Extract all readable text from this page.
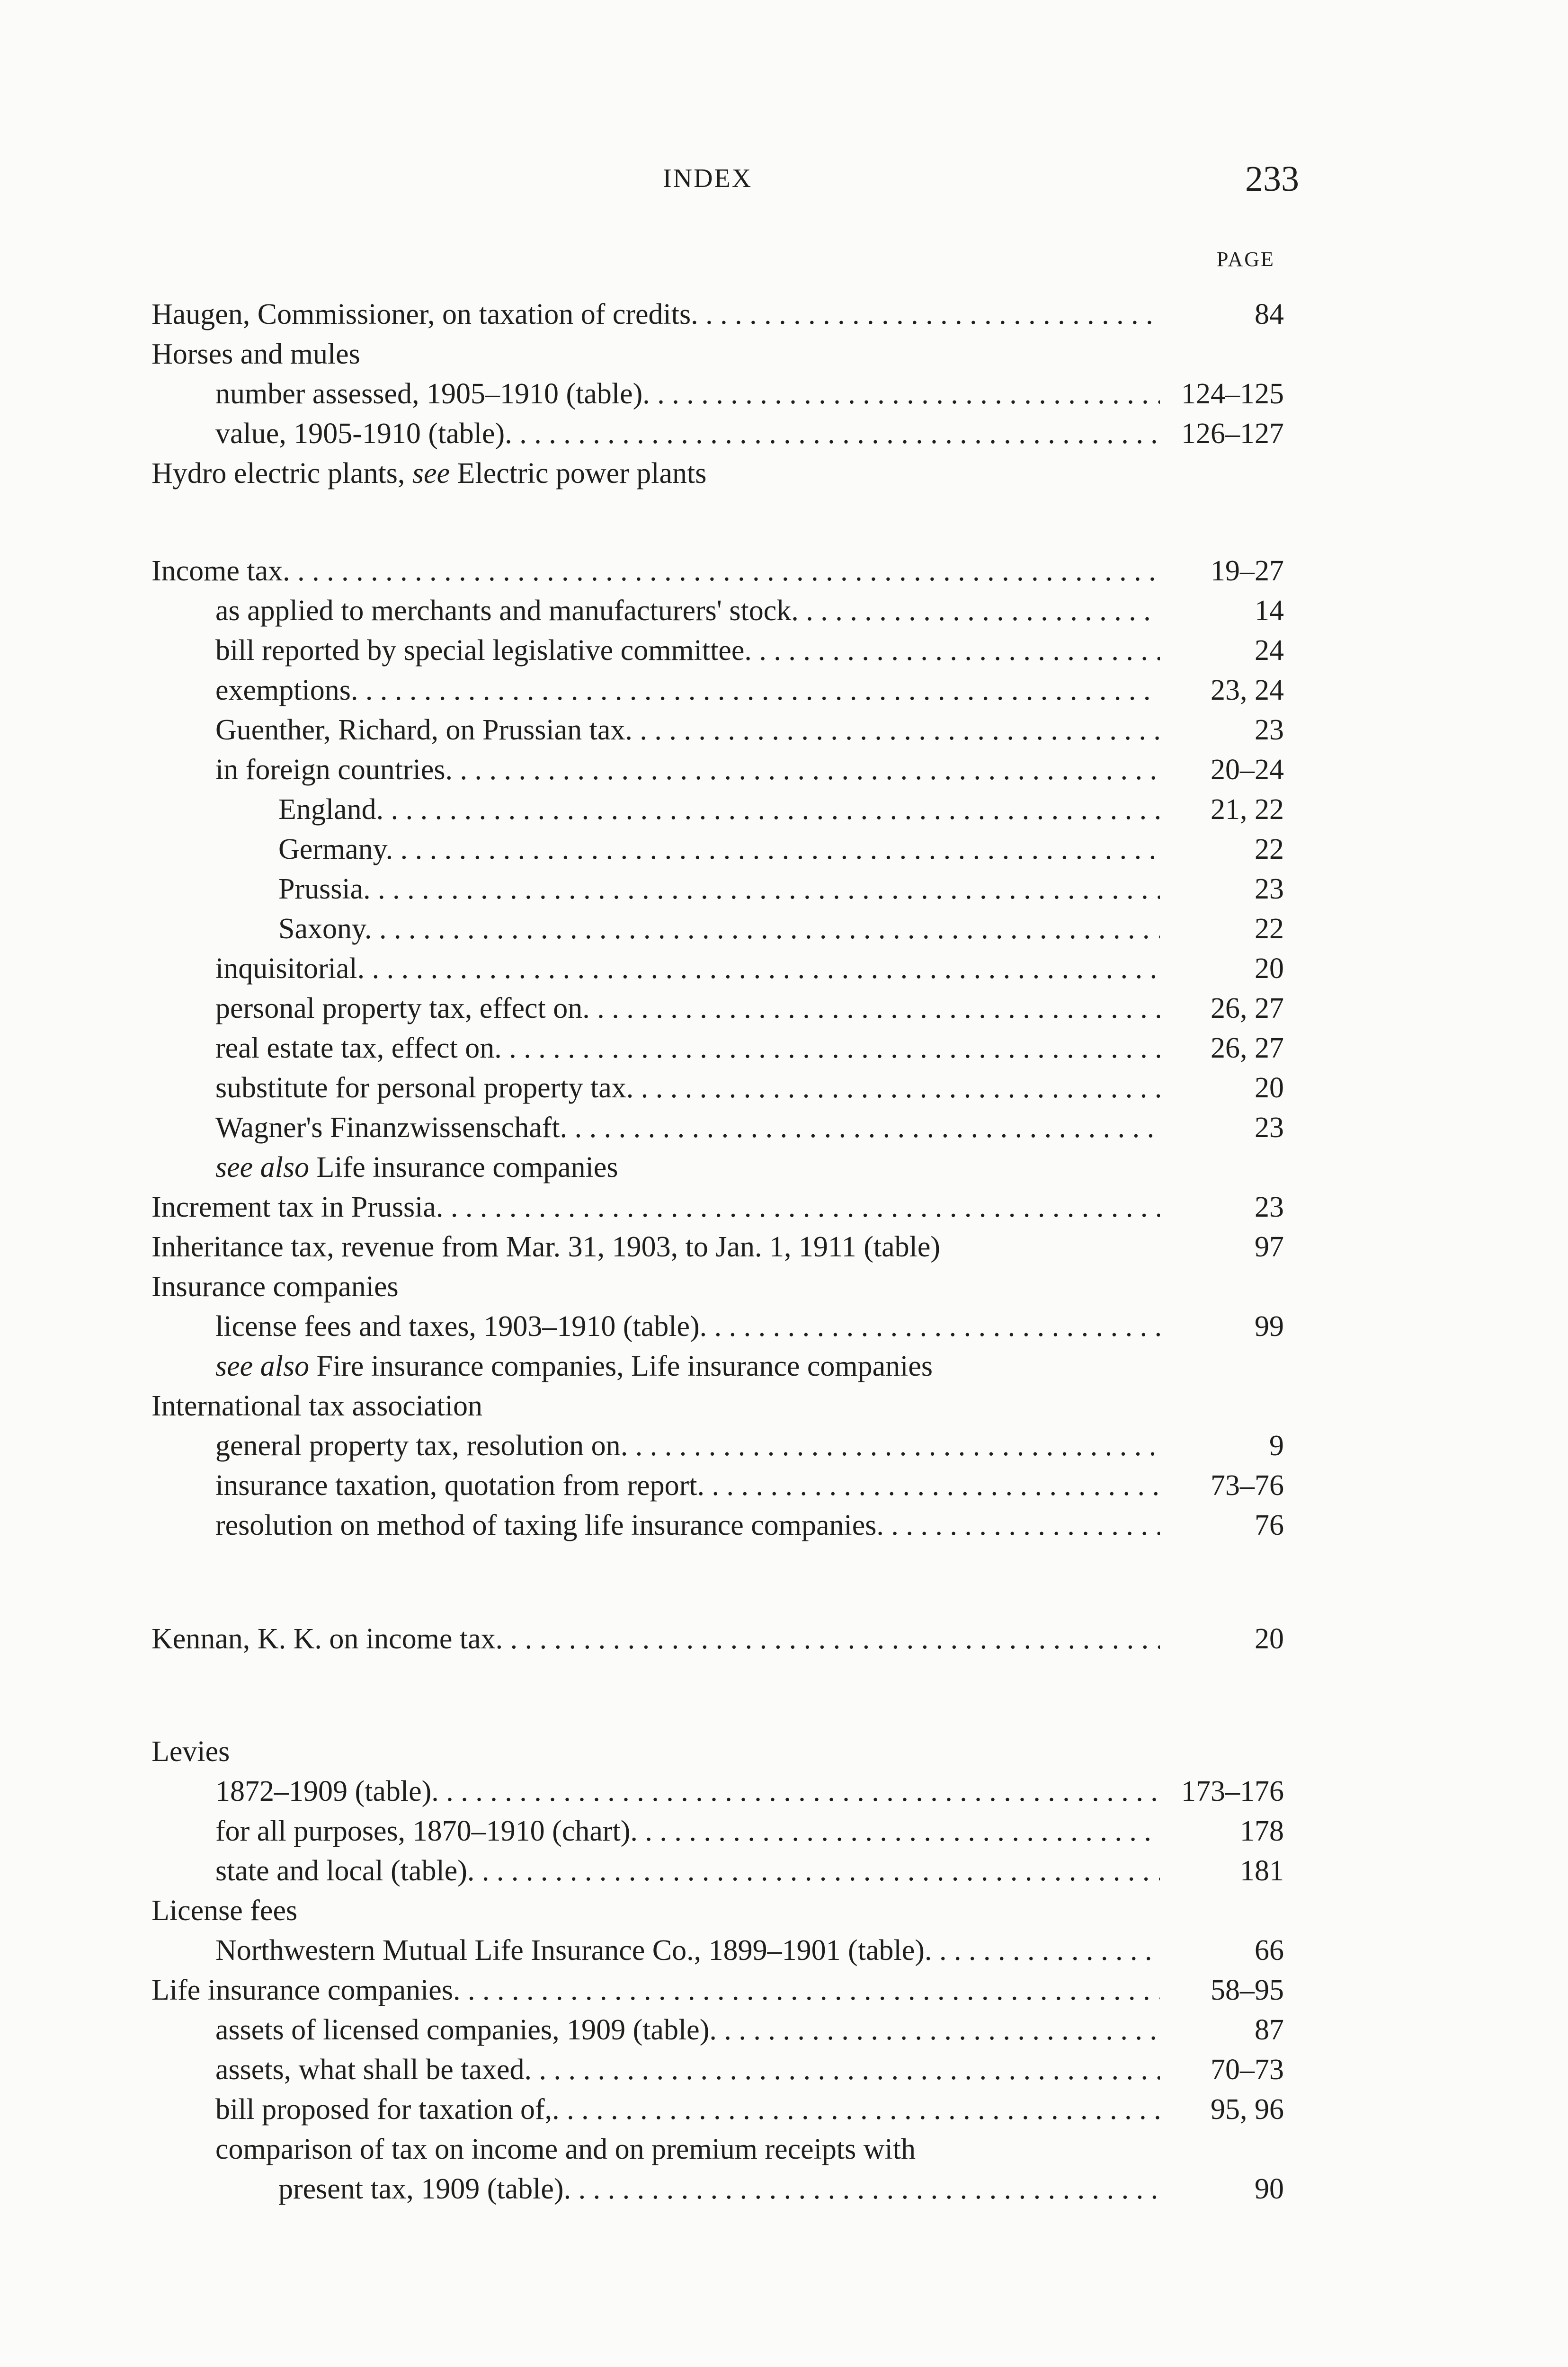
INDEX	233
PAGE
Haugen, Commissioner, on taxation of credits . . .	84
Horses and mules
number assessed, 1905–1910 (table) . . .	124–125
value, 1905-1910 (table) . . .	126–127
Hydro electric plants, see Electric power plants
Income tax . . .	19–27
as applied to merchants and manufacturers' stock . . .	14
bill reported by special legislative committee . . .	24
exemptions . . .	23, 24
Guenther, Richard, on Prussian tax . . .	23
in foreign countries . . .	20–24
England . . .	21, 22
Germany . . .	22
Prussia . . .	23
Saxony . . .	22
inquisitorial . . .	20
personal property tax, effect on . . .	26, 27
real estate tax, effect on . . .	26, 27
substitute for personal property tax . . .	20
Wagner's Finanzwissenschaft . . .	23
see also Life insurance companies
Increment tax in Prussia . . .	23
Inheritance tax, revenue from Mar. 31, 1903, to Jan. 1, 1911 (table)	97
Insurance companies
license fees and taxes, 1903–1910 (table) . . .	99
see also Fire insurance companies, Life insurance companies
International tax association
general property tax, resolution on . . .	9
insurance taxation, quotation from report . . .	73–76
resolution on method of taxing life insurance companies . . .	76
Kennan, K. K. on income tax . . .	20
Levies
1872–1909 (table) . . .	173–176
for all purposes, 1870–1910 (chart) . . .	178
state and local (table) . . .	181
License fees
Northwestern Mutual Life Insurance Co., 1899–1901 (table) . . .	66
Life insurance companies . . .	58–95
assets of licensed companies, 1909 (table) . . .	87
assets, what shall be taxed . . .	70–73
bill proposed for taxation of, . . .	95, 96
comparison of tax on income and on premium receipts with
present tax, 1909 (table) . . .	90
